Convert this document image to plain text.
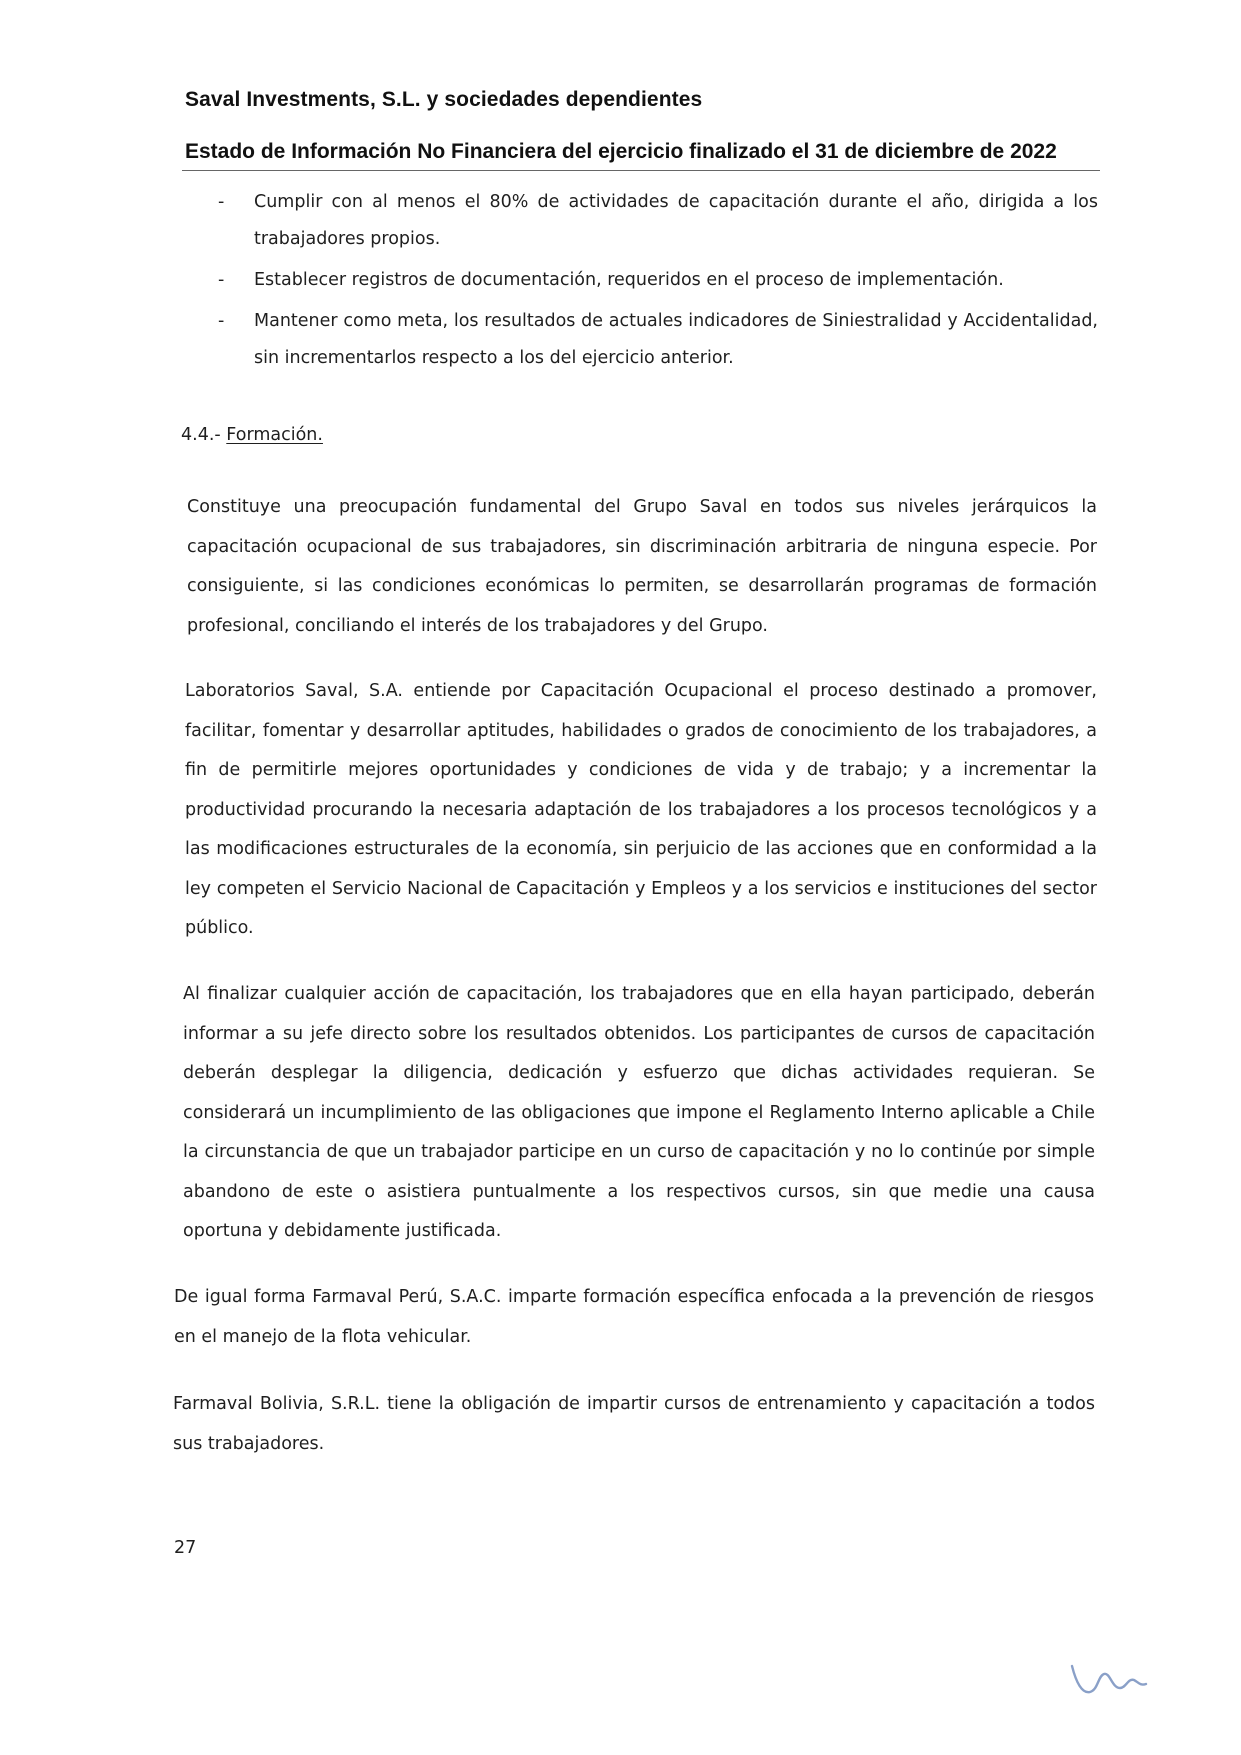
Saval Investments, S.L. y sociedades dependientes
Estado de Información No Financiera del ejercicio finalizado el 31 de diciembre de 2022
- Cumplir con al menos el 80% de actividades de capacitación durante el año, dirigida a los trabajadores propios.
- Establecer registros de documentación, requeridos en el proceso de implementación.
- Mantener como meta, los resultados de actuales indicadores de Siniestralidad y Accidentalidad, sin incrementarlos respecto a los del ejercicio anterior.
4.4.- Formación.

Constituye una preocupación fundamental del Grupo Saval en todos sus niveles jerárquicos la capacitación ocupacional de sus trabajadores, sin discriminación arbitraria de ninguna especie. Por consiguiente, si las condiciones económicas lo permiten, se desarrollarán programas de formación profesional, conciliando el interés de los trabajadores y del Grupo.

Laboratorios Saval, S.A. entiende por Capacitación Ocupacional el proceso destinado a promover, facilitar, fomentar y desarrollar aptitudes, habilidades o grados de conocimiento de los trabajadores, a fin de permitirle mejores oportunidades y condiciones de vida y de trabajo; y a incrementar la productividad procurando la necesaria adaptación de los trabajadores a los procesos tecnológicos y a las modificaciones estructurales de la economía, sin perjuicio de las acciones que en conformidad a la ley competen el Servicio Nacional de Capacitación y Empleos y a los servicios e instituciones del sector público.

Al finalizar cualquier acción de capacitación, los trabajadores que en ella hayan participado, deberán informar a su jefe directo sobre los resultados obtenidos. Los participantes de cursos de capacitación deberán desplegar la diligencia, dedicación y esfuerzo que dichas actividades requieran. Se considerará un incumplimiento de las obligaciones que impone el Reglamento Interno aplicable a Chile la circunstancia de que un trabajador participe en un curso de capacitación y no lo continúe por simple abandono de este o asistiera puntualmente a los respectivos cursos, sin que medie una causa oportuna y debidamente justificada.

De igual forma Farmaval Perú, S.A.C. imparte formación específica enfocada a la prevención de riesgos en el manejo de la flota vehicular.

Farmaval Bolivia, S.R.L. tiene la obligación de impartir cursos de entrenamiento y capacitación a todos sus trabajadores.

27
